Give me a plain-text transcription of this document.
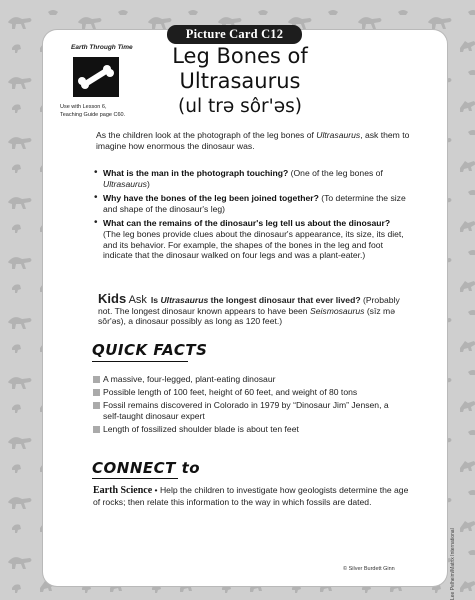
Picture Card C12
Earth Through Time
Use with Lesson 6,
Teaching Guide page C60.
Leg Bones of
Ultrasaurus
(ul trə sôr'əs)
As the children look at the photograph of the leg bones of Ultrasaurus, ask them to imagine how enormous the dinosaur was.
• What is the man in the photograph touching? (One of the leg bones of Ultrasaurus)
• Why have the bones of the leg been joined together? (To determine the size and shape of the dinosaur's leg)
• What can the remains of the dinosaur's leg tell us about the dinosaur? (The leg bones provide clues about the dinosaur's appearance, its size, its diet, and its behavior. For example, the shapes of the bones in the leg and foot indicate that the dinosaur walked on four legs and was a plant-eater.)
Kids Ask Is Ultrasaurus the longest dinosaur that ever lived? (Probably not. The longest dinosaur known appears to have been Seismosaurus (sīz mə sôr'əs), a dinosaur possibly as long as 120 feet.)
QUICK FACTS
A massive, four-legged, plant-eating dinosaur
Possible length of 100 feet, height of 60 feet, and weight of 80 tons
Fossil remains discovered in Colorado in 1979 by “Dinosaur Jim” Jensen, a self-taught dinosaur expert
Length of fossilized shoulder blade is about ten feet
CONNECT to
Earth Science • Help the children to investigate how geologists determine the age of rocks; then relate this information to the way in which fossils are dated.
© Silver Burdett Ginn	Lee Pelheim/Matrix International
